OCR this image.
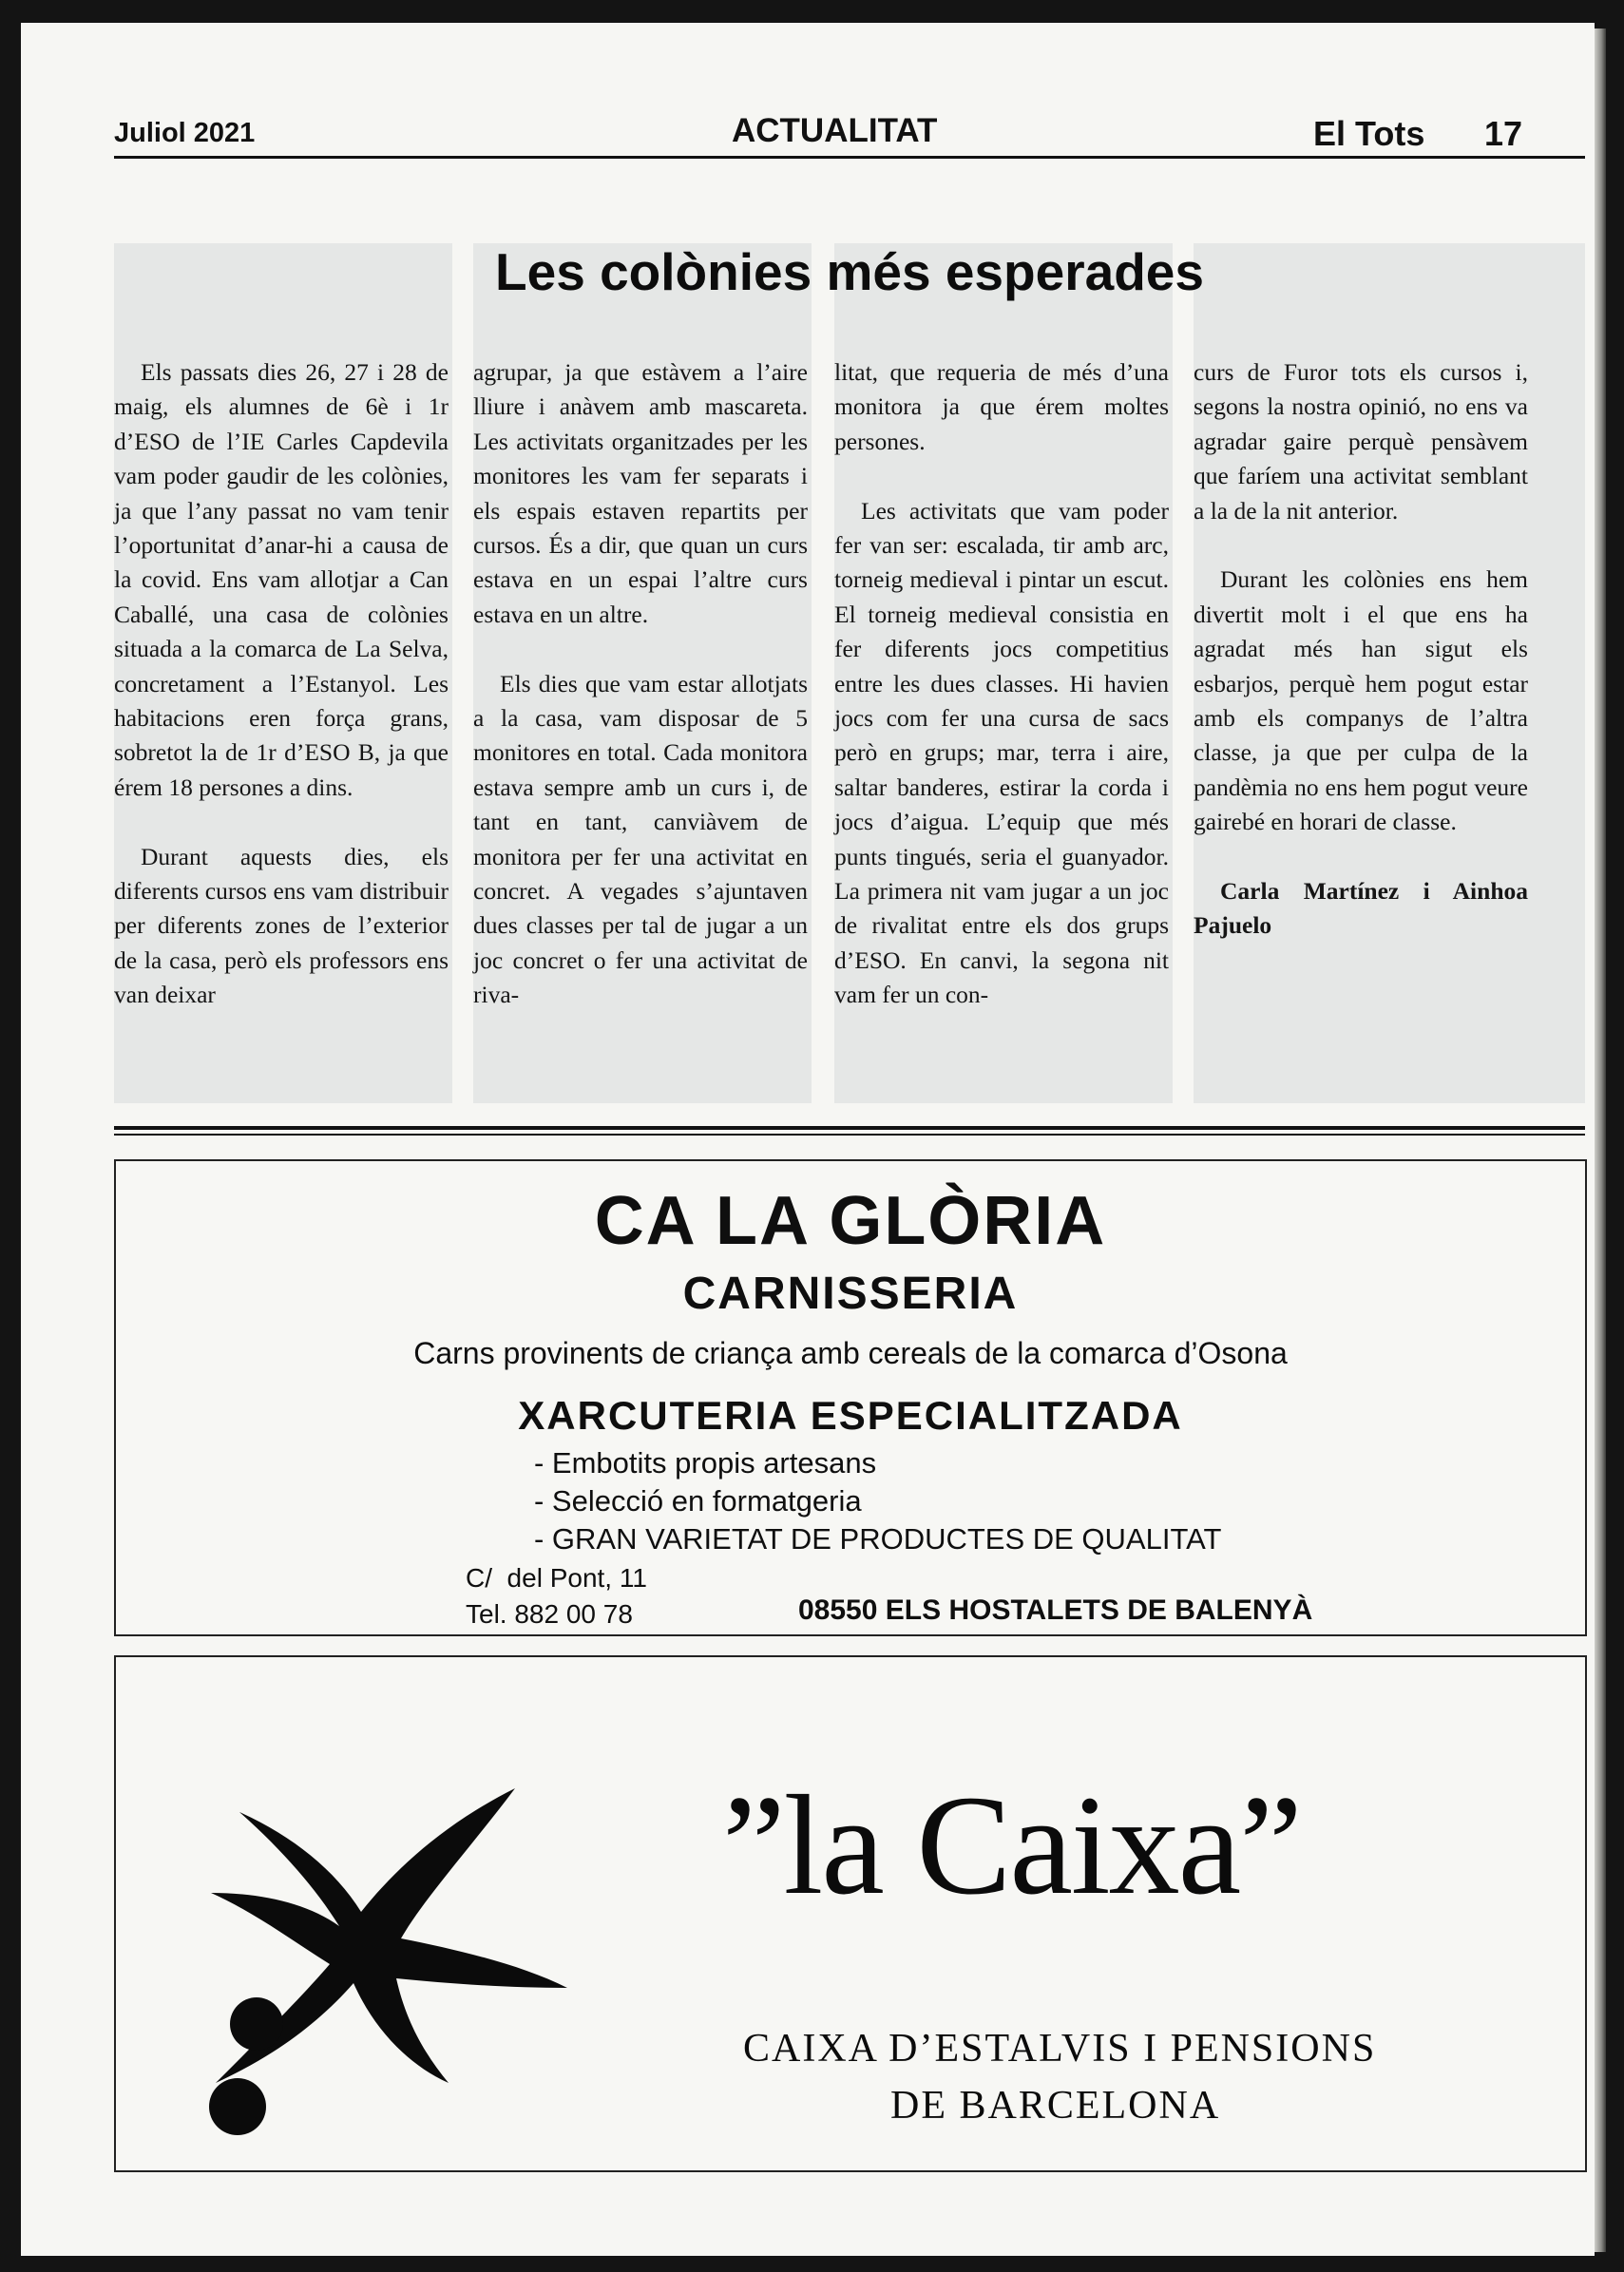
Juliol 2021	ACTUALITAT	El Tots 17
Les colònies més esperades

Els passats dies 26, 27 i 28 de maig, els alumnes de 6è i 1r d’ESO de l’IE Carles Capdevila vam poder gaudir de les colònies, ja que l’any passat no vam tenir l’oportunitat d’anar-hi a causa de la covid. Ens vam allotjar a Can Caballé, una casa de colònies situada a la comarca de La Selva, concretament a l’Estanyol. Les habitacions eren força grans, sobretot la de 1r d’ESO B, ja que érem 18 persones a dins.

Durant aquests dies, els diferents cursos ens vam distribuir per diferents zones de l’exterior de la casa, però els professors ens van deixar

agrupar, ja que estàvem a l’aire lliure i anàvem amb mascareta. Les activitats organitzades per les monitores les vam fer separats i els espais estaven repartits per cursos. És a dir, que quan un curs estava en un espai l’altre curs estava en un altre.

Els dies que vam estar allotjats a la casa, vam disposar de 5 monitores en total. Cada monitora estava sempre amb un curs i, de tant en tant, canviàvem de monitora per fer una activitat en concret. A vegades s’ajuntaven dues classes per tal de jugar a un joc concret o fer una activitat de riva-

litat, que requeria de més d’una monitora ja que érem moltes persones.

Les activitats que vam poder fer van ser: escalada, tir amb arc, torneig medieval i pintar un escut. El torneig medieval consistia en fer diferents jocs competitius entre les dues classes. Hi havien jocs com fer una cursa de sacs però en grups; mar, terra i aire, saltar banderes, estirar la corda i jocs d’aigua. L’equip que més punts tingués, seria el guanyador. La primera nit vam jugar a un joc de rivalitat entre els dos grups d’ESO. En canvi, la segona nit vam fer un con-

curs de Furor tots els cursos i, segons la nostra opinió, no ens va agradar gaire perquè pensàvem que faríem una activitat semblant a la de la nit anterior.

Durant les colònies ens hem divertit molt i el que ens ha agradat més han sigut els esbarjos, perquè hem pogut estar amb els companys de l’altra classe, ja que per culpa de la pandèmia no ens hem pogut veure gairebé en horari de classe.

Carla Martínez i Ainhoa Pajuelo

CA LA GLÒRIA
CARNISSERIA
Carns provinents de criança amb cereals de la comarca d’Osona
XARCUTERIA ESPECIALITZADA
- Embotits propis artesans
- Selecció en formatgeria
- GRAN VARIETAT DE PRODUCTES DE QUALITAT
C/  del Pont, 11
Tel. 882 00 78	08550 ELS HOSTALETS DE BALENYÀ
”la Caixa”
CAIXA D’ESTALVIS I PENSIONS
DE BARCELONA
